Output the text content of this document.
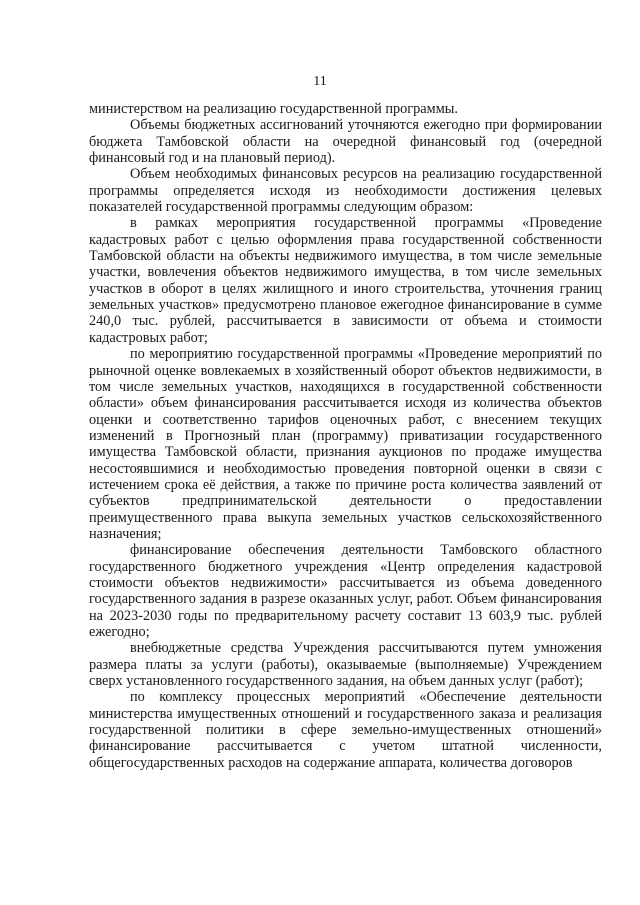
11

министерством на реализацию государственной программы.

Объемы бюджетных ассигнований уточняются ежегодно при формировании бюджета Тамбовской области на очередной финансовый год (очередной финансовый год и на плановый период).

Объем необходимых финансовых ресурсов на реализацию государственной программы определяется исходя из необходимости достижения целевых показателей государственной программы следующим образом:

в рамках мероприятия государственной программы «Проведение кадастровых работ с целью оформления права государственной собственности Тамбовской области на объекты недвижимого имущества, в том числе земельные участки, вовлечения объектов недвижимого имущества, в том числе земельных участков в оборот в целях жилищного и иного строительства, уточнения границ земельных участков» предусмотрено плановое ежегодное финансирование в сумме 240,0 тыс. рублей, рассчитывается в зависимости от объема и стоимости кадастровых работ;

по мероприятию государственной программы «Проведение мероприятий по рыночной оценке вовлекаемых в хозяйственный оборот объектов недвижимости, в том числе земельных участков, находящихся в государственной собственности области» объем финансирования рассчитывается исходя из количества объектов оценки и соответственно тарифов оценочных работ, с внесением текущих изменений в Прогнозный план (программу) приватизации государственного имущества Тамбовской области, признания аукционов по продаже имущества несостоявшимися и необходимостью проведения повторной оценки в связи с истечением срока её действия, а также по причине роста количества заявлений от субъектов предпринимательской деятельности о предоставлении преимущественного права выкупа земельных участков сельскохозяйственного назначения;

финансирование обеспечения деятельности Тамбовского областного государственного бюджетного учреждения «Центр определения кадастровой стоимости объектов недвижимости» рассчитывается из объема доведенного государственного задания в разрезе оказанных услуг, работ. Объем финансирования на 2023-2030 годы по предварительному расчету составит 13 603,9 тыс. рублей ежегодно;

внебюджетные средства Учреждения рассчитываются путем умножения размера платы за услуги (работы), оказываемые (выполняемые) Учреждением сверх установленного государственного задания, на объем данных услуг (работ);

по комплексу процессных мероприятий «Обеспечение деятельности министерства имущественных отношений и государственного заказа и реализация государственной политики в сфере земельно-имущественных отношений» финансирование рассчитывается с учетом штатной численности, общегосударственных расходов на содержание аппарата, количества договоров
